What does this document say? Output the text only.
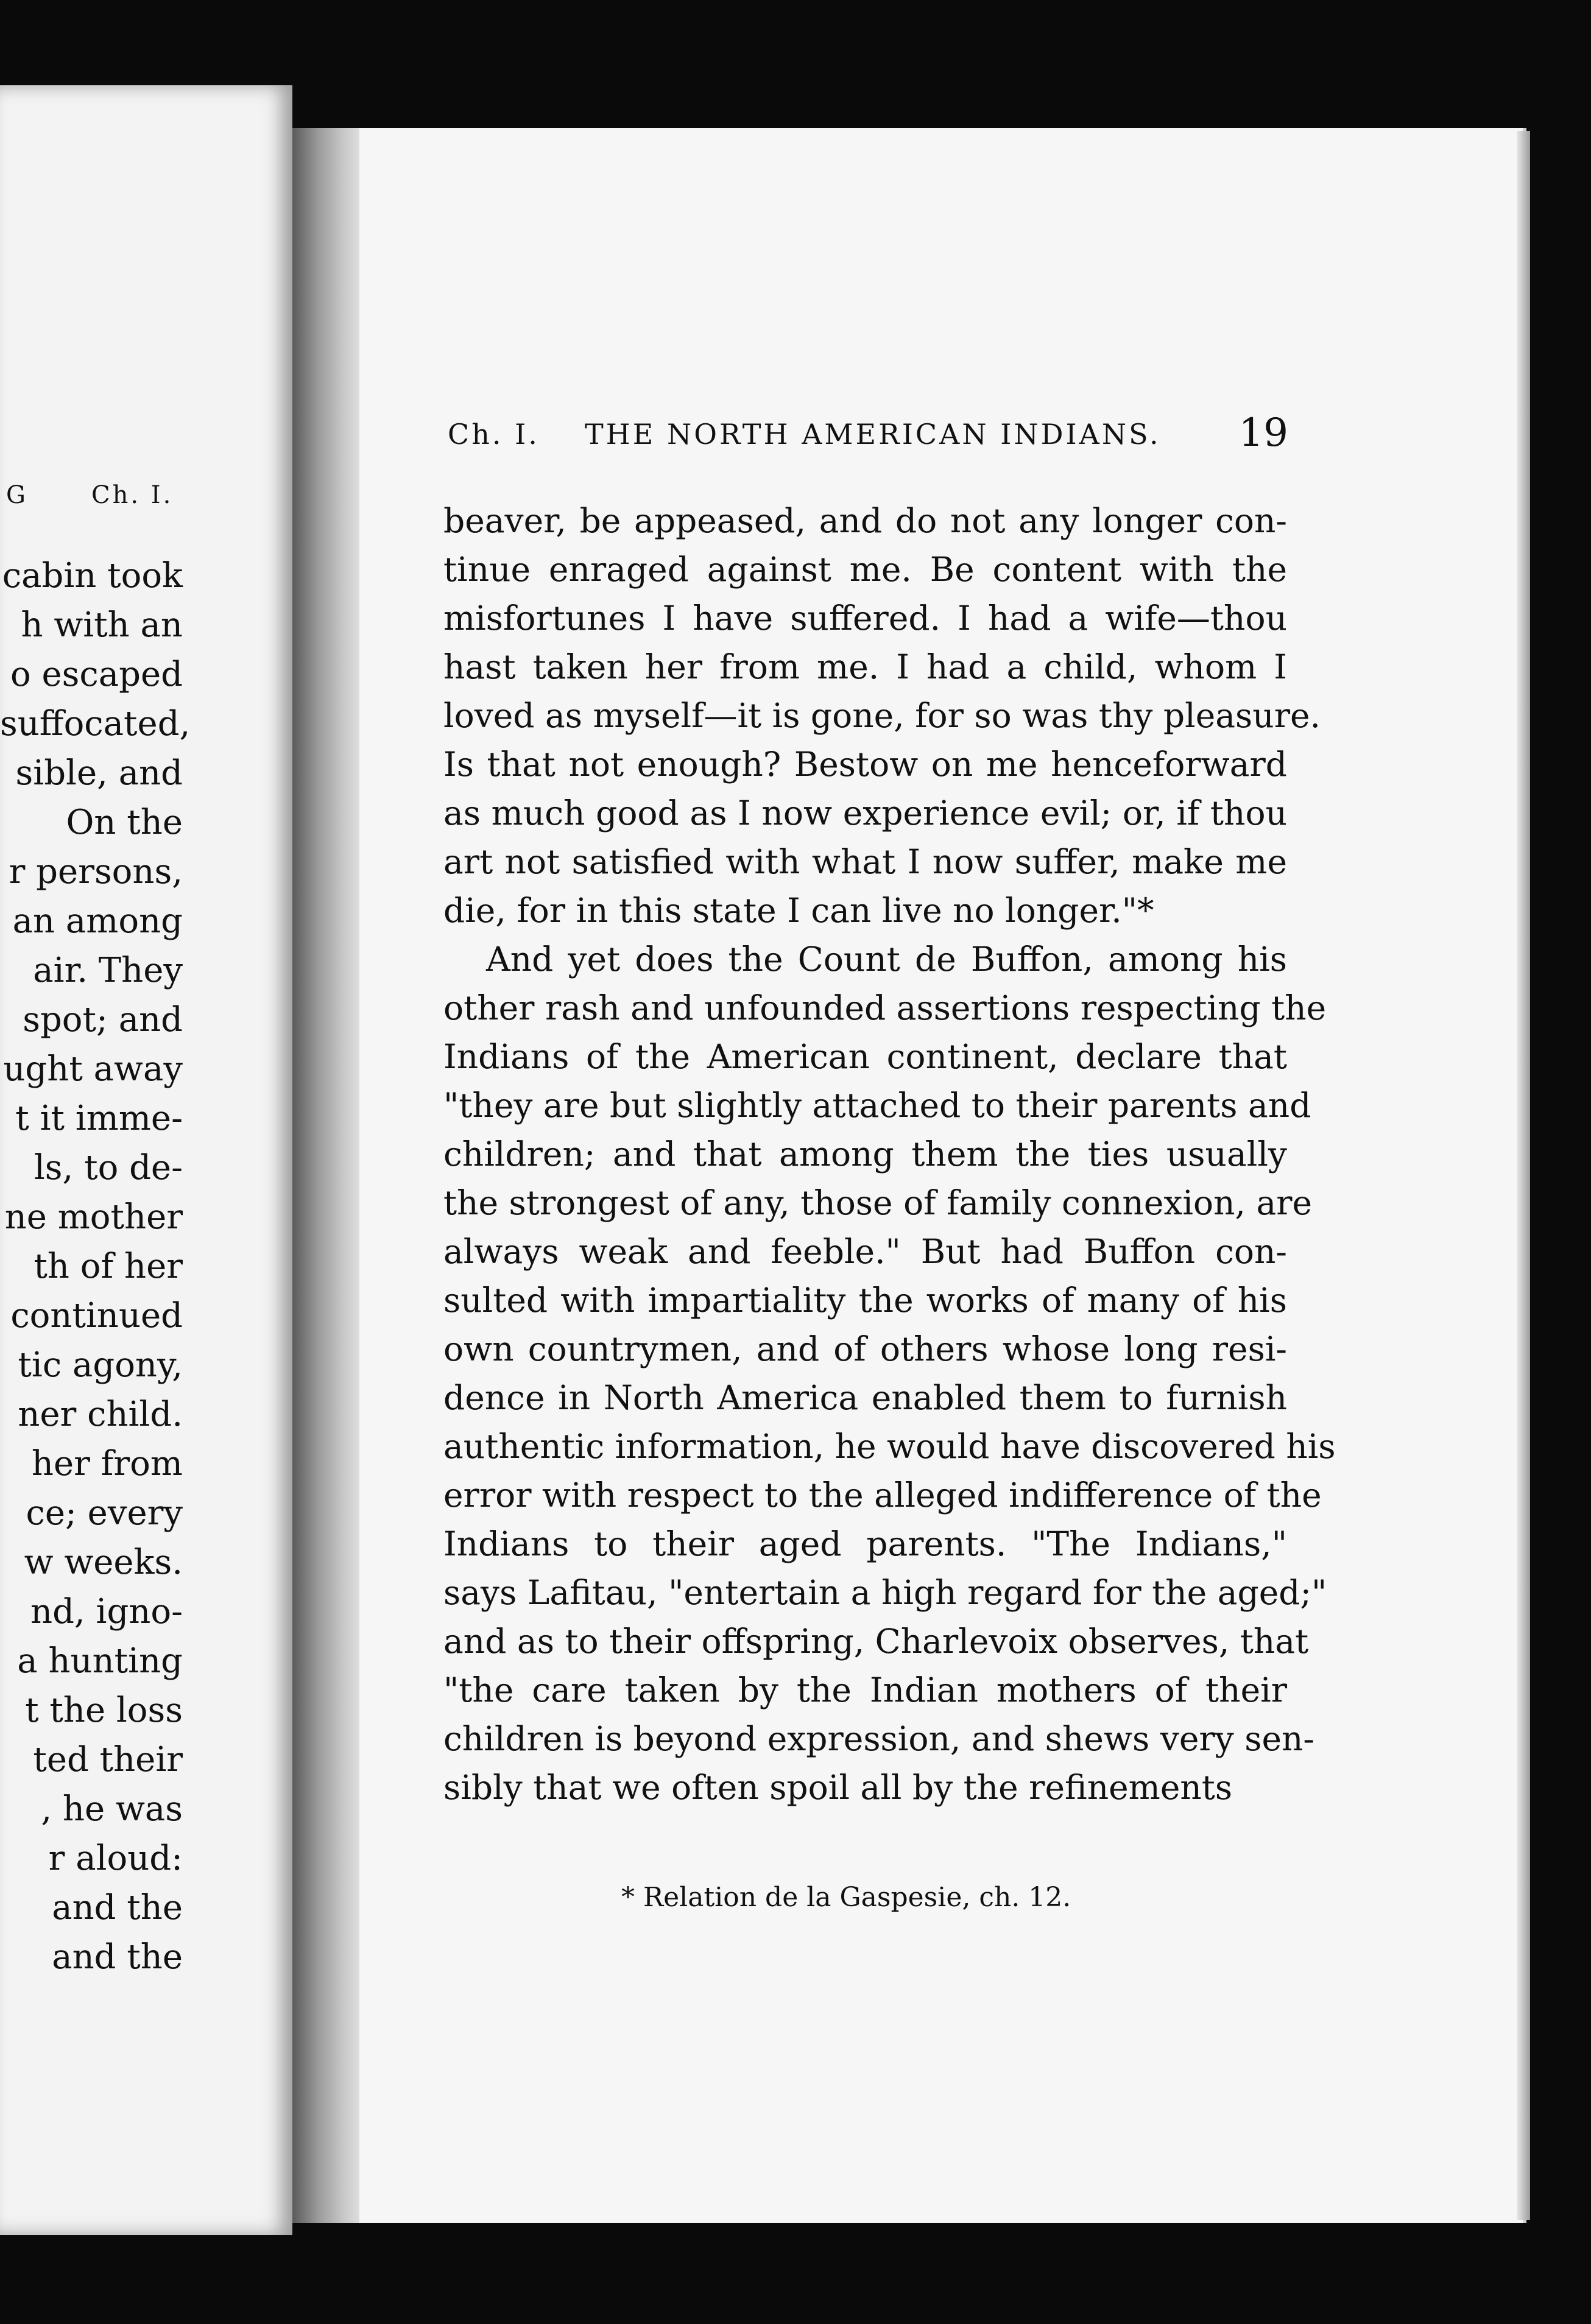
G	Ch. I.
cabin took
h with an
o escaped
suffocated,
sible, and
On the
r persons,
an among
air. They
spot; and
ught away
t it imme-
ls, to de-
ne mother
th of her
continued
tic agony,
ner child.
her from
ce; every
w weeks.
nd, igno-
a hunting
t the loss
ted their
, he was
r aloud:
and the
and the
Ch. I. THE NORTH AMERICAN INDIANS. 19
beaver, be appeased, and do not any longer con-
tinue enraged against me. Be content with the
misfortunes I have suffered. I had a wife—thou
hast taken her from me. I had a child, whom I
loved as myself—it is gone, for so was thy pleasure.
Is that not enough? Bestow on me henceforward
as much good as I now experience evil; or, if thou
art not satisfied with what I now suffer, make me
die, for in this state I can live no longer."*
And yet does the Count de Buffon, among his
other rash and unfounded assertions respecting the
Indians of the American continent, declare that
"they are but slightly attached to their parents and
children; and that among them the ties usually
the strongest of any, those of family connexion, are
always weak and feeble." But had Buffon con-
sulted with impartiality the works of many of his
own countrymen, and of others whose long resi-
dence in North America enabled them to furnish
authentic information, he would have discovered his
error with respect to the alleged indifference of the
Indians to their aged parents. "The Indians,"
says Lafitau, "entertain a high regard for the aged;"
and as to their offspring, Charlevoix observes, that
"the care taken by the Indian mothers of their
children is beyond expression, and shews very sen-
sibly that we often spoil all by the refinements
* Relation de la Gaspesie, ch. 12.
